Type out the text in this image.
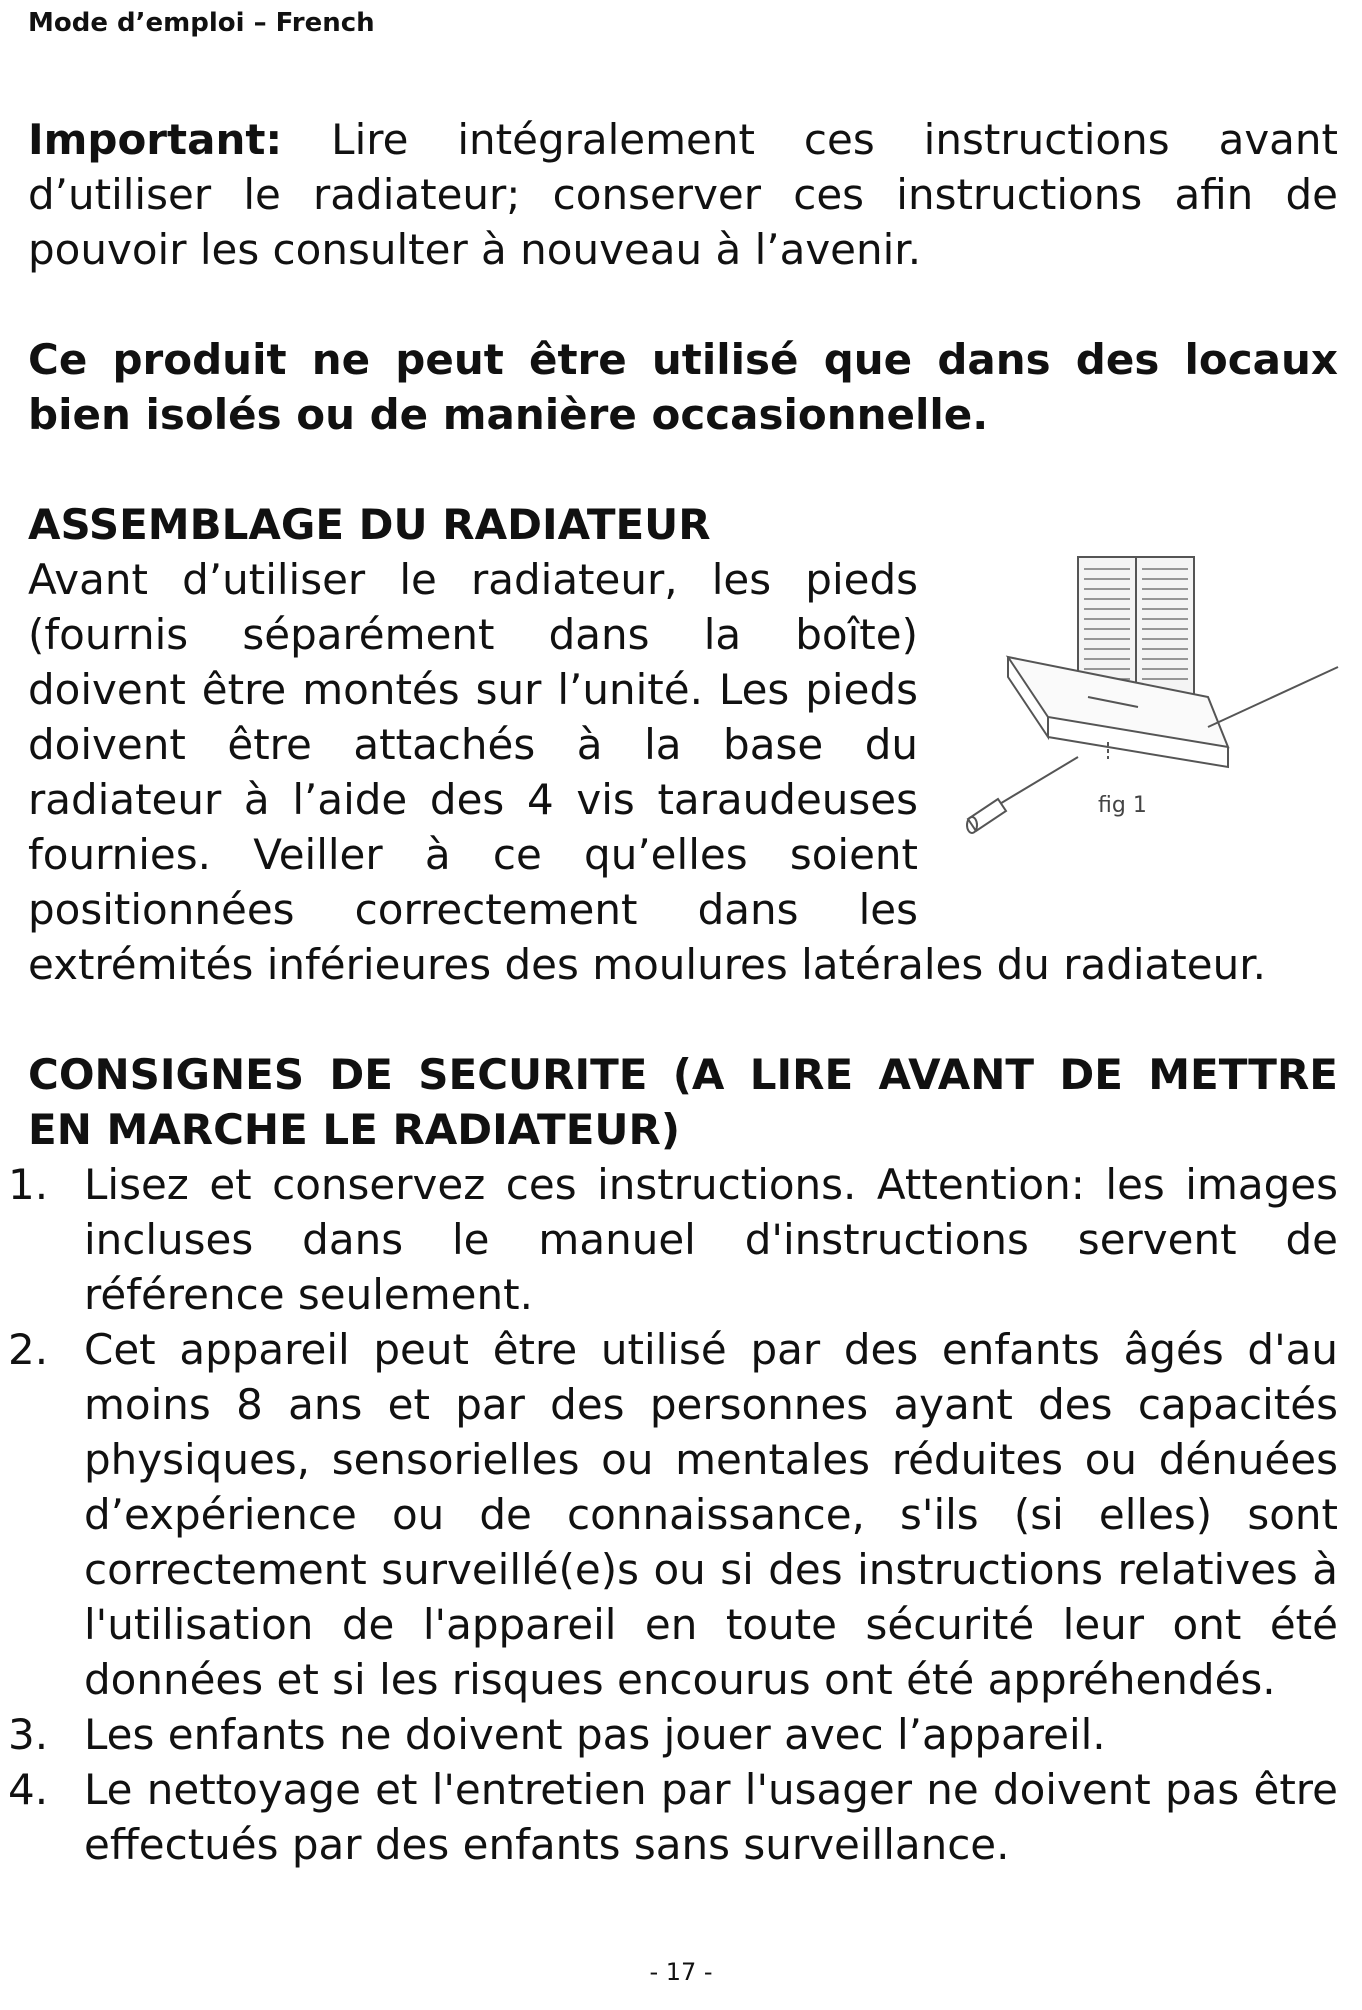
Mode d’emploi – French

Important: Lire intégralement ces instructions avant d’utiliser le radiateur; conserver ces instructions afin de pouvoir les consulter à nouveau à l’avenir.

Ce produit ne peut être utilisé que dans des locaux bien isolés ou de manière occasionnelle.

ASSEMBLAGE DU RADIATEUR

Avant d’utiliser le radiateur, les pieds (fournis séparément dans la boîte) doivent être montés sur l’unité. Les pieds doivent être attachés à la base du radiateur à l’aide des 4 vis taraudeuses fournies. Veiller à ce qu’elles soient positionnées correctement dans les

extrémités inférieures des moulures latérales du radiateur.

fig 1

CONSIGNES DE SECURITE (A LIRE AVANT DE METTRE EN MARCHE LE RADIATEUR)

1. Lisez et conservez ces instructions. Attention: les images incluses dans le manuel d'instructions servent de référence seulement.
2. Cet appareil peut être utilisé par des enfants âgés d'au moins 8 ans et par des personnes ayant des capacités physiques, sensorielles ou mentales réduites ou dénuées d’expérience ou de connaissance, s'ils (si elles) sont correctement surveillé(e)s ou si des instructions relatives à l'utilisation de l'appareil en toute sécurité leur ont été données et si les risques encourus ont été appréhendés.
3. Les enfants ne doivent pas jouer avec l’appareil.
4. Le nettoyage et l'entretien par l'usager ne doivent pas être effectués par des enfants sans surveillance.
- 17 -
